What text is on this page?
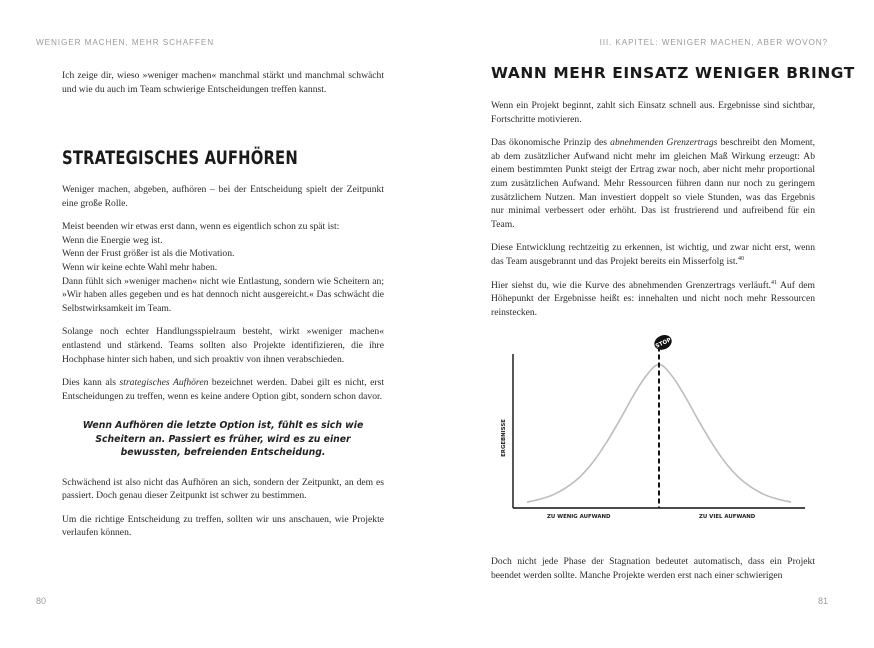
WENIGER MACHEN, MEHR SCHAFFEN

Ich zeige dir, wieso »weniger machen« manchmal stärkt und manchmal schwächt und wie du auch im Team schwierige Entscheidungen treffen kannst.

STRATEGISCHES AUFHÖREN

Weniger machen, abgeben, aufhören – bei der Entscheidung spielt der Zeitpunkt eine große Rolle.

Meist beenden wir etwas erst dann, wenn es eigentlich schon zu spät ist:
Wenn die Energie weg ist.
Wenn der Frust größer ist als die Motivation.
Wenn wir keine echte Wahl mehr haben.

Dann fühlt sich »weniger machen« nicht wie Entlastung, sondern wie Scheitern an; »Wir haben alles gegeben und es hat dennoch nicht ausgereicht.« Das schwächt die Selbstwirksamkeit im Team.

Solange noch echter Handlungsspielraum besteht, wirkt »weniger machen« entlastend und stärkend. Teams sollten also Projekte identifizieren, die ihre Hochphase hinter sich haben, und sich proaktiv von ihnen verabschieden.

Dies kann als strategisches Aufhören bezeichnet werden. Dabei gilt es nicht, erst Entscheidungen zu treffen, wenn es keine andere Option gibt, sondern schon davor.

Wenn Aufhören die letzte Option ist, fühlt es sich wie Scheitern an. Passiert es früher, wird es zu einer bewussten, befreienden Entscheidung.

Schwächend ist also nicht das Aufhören an sich, sondern der Zeitpunkt, an dem es passiert. Doch genau dieser Zeitpunkt ist schwer zu bestimmen.

Um die richtige Entscheidung zu treffen, sollten wir uns anschauen, wie Projekte verlaufen können.

80
III. KAPITEL: WENIGER MACHEN, ABER WOVON?
WANN MEHR EINSATZ WENIGER BRINGT

Wenn ein Projekt beginnt, zahlt sich Einsatz schnell aus. Ergebnisse sind sichtbar, Fortschritte motivieren.

Das ökonomische Prinzip des abnehmenden Grenzertrags beschreibt den Moment, ab dem zusätzlicher Aufwand nicht mehr im gleichen Maß Wirkung erzeugt: Ab einem bestimmten Punkt steigt der Ertrag zwar noch, aber nicht mehr proportional zum zusätzlichen Aufwand. Mehr Ressourcen führen dann nur noch zu geringem zusätzlichem Nutzen. Man investiert doppelt so viele Stunden, was das Ergebnis nur minimal verbessert oder erhöht. Das ist frustrierend und aufreibend für ein Team.

Diese Entwicklung rechtzeitig zu erkennen, ist wichtig, und zwar nicht erst, wenn das Team ausgebrannt und das Projekt bereits ein Misserfolg ist.$^{40}$

Hier siehst du, wie die Kurve des abnehmenden Grenzertrags verläuft.$^{41}$ Auf dem Höhepunkt der Ergebnisse heißt es: innehalten und nicht noch mehr Ressourcen reinstecken.

STOP
ERGEBNISSE
ZU WENIG AUFWAND	ZU VIEL AUFWAND

Doch nicht jede Phase der Stagnation bedeutet automatisch, dass ein Projekt beendet werden sollte. Manche Projekte werden erst nach einer schwierigen

81
